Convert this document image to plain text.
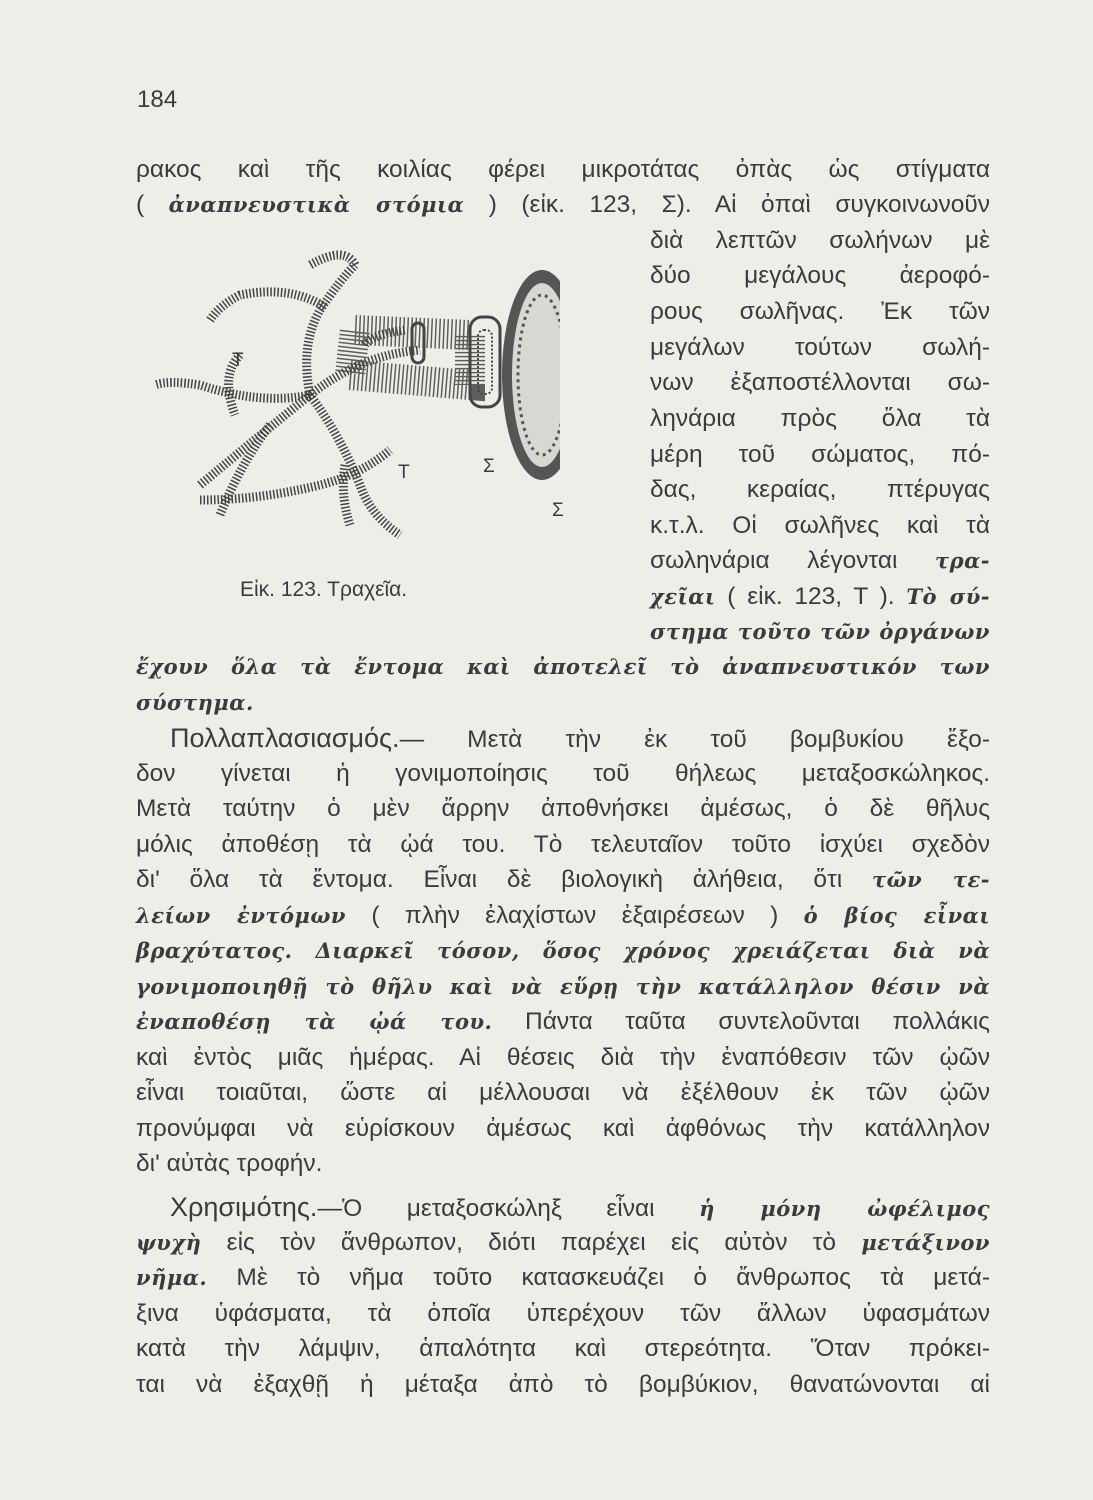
184
T
T	Σ
Σ
Εἰκ. 123. Τραχεῖα.
ρακος καὶ τῆς κοιλίας φέρει μικροτάτας ὀπὰς ὡς στίγματα
( ἀναπνευστικὰ στόμια ) (εἰκ. 123, Σ). Αἱ ὀπαὶ συγκοινωνοῦν
διὰ λεπτῶν σωλήνων μὲ
δύο μεγάλους ἀεροφό-
ρους σωλῆνας. Ἐκ τῶν
μεγάλων τούτων σωλή-
νων ἐξαποστέλλονται σω-
ληνάρια πρὸς ὅλα τὰ
μέρη τοῦ σώματος, πό-
δας, κεραίας, πτέρυγας
κ.τ.λ. Οἱ σωλῆνες καὶ τὰ
σωληνάρια λέγονται τρα-
χεῖαι ( εἰκ. 123, Τ ). Τὸ σύ-
στημα τοῦτο τῶν ὀργάνων
ἔχουν ὅλα τὰ ἔντομα καὶ ἀποτελεῖ τὸ ἀναπνευστικόν των
σύστημα.
Πολλαπλασιασμός.— Μετὰ τὴν ἐκ τοῦ βομβυκίου ἔξο-
δον γίνεται ἡ γονιμοποίησις τοῦ θήλεως μεταξοσκώληκος.
Μετὰ ταύτην ὁ μὲν ἄρρην ἀποθνήσκει ἀμέσως, ὁ δὲ θῆλυς
μόλις ἀποθέσῃ τὰ ᾠά του. Τὸ τελευταῖον τοῦτο ἰσχύει σχεδὸν
δι' ὅλα τὰ ἔντομα. Εἶναι δὲ βιολογικὴ ἀλήθεια, ὅτι τῶν τε-
λείων ἐντόμων ( πλὴν ἐλαχίστων ἐξαιρέσεων ) ὁ βίος εἶναι
βραχύτατος. Διαρκεῖ τόσον, ὅσος χρόνος χρειάζεται διὰ νὰ
γονιμοποιηθῇ τὸ θῆλυ καὶ νὰ εὕρῃ τὴν κατάλληλον θέσιν νὰ
ἐναποθέσῃ τὰ ᾠά του. Πάντα ταῦτα συντελοῦνται πολλάκις
καὶ ἐντὸς μιᾶς ἡμέρας. Αἱ θέσεις διὰ τὴν ἐναπόθεσιν τῶν ᾠῶν
εἶναι τοιαῦται, ὥστε αἱ μέλλουσαι νὰ ἐξέλθουν ἐκ τῶν ᾠῶν
προνύμφαι νὰ εὑρίσκουν ἀμέσως καὶ ἀφθόνως τὴν κατάλληλον
δι' αὐτὰς τροφήν.
Χρησιμότης.—Ὁ μεταξοσκώληξ εἶναι ἡ μόνη ὠφέλιμος
ψυχὴ εἰς τὸν ἄνθρωπον, διότι παρέχει εἰς αὐτὸν τὸ μετάξινον
νῆμα. Μὲ τὸ νῆμα τοῦτο κατασκευάζει ὁ ἄνθρωπος τὰ μετά-
ξινα ὑφάσματα, τὰ ὁποῖα ὑπερέχουν τῶν ἄλλων ὑφασμάτων
κατὰ τὴν λάμψιν, ἁπαλότητα καὶ στερεότητα. Ὅταν πρόκει-
ται νὰ ἐξαχθῇ ἡ μέταξα ἀπὸ τὸ βομβύκιον, θανατώνονται αἱ
